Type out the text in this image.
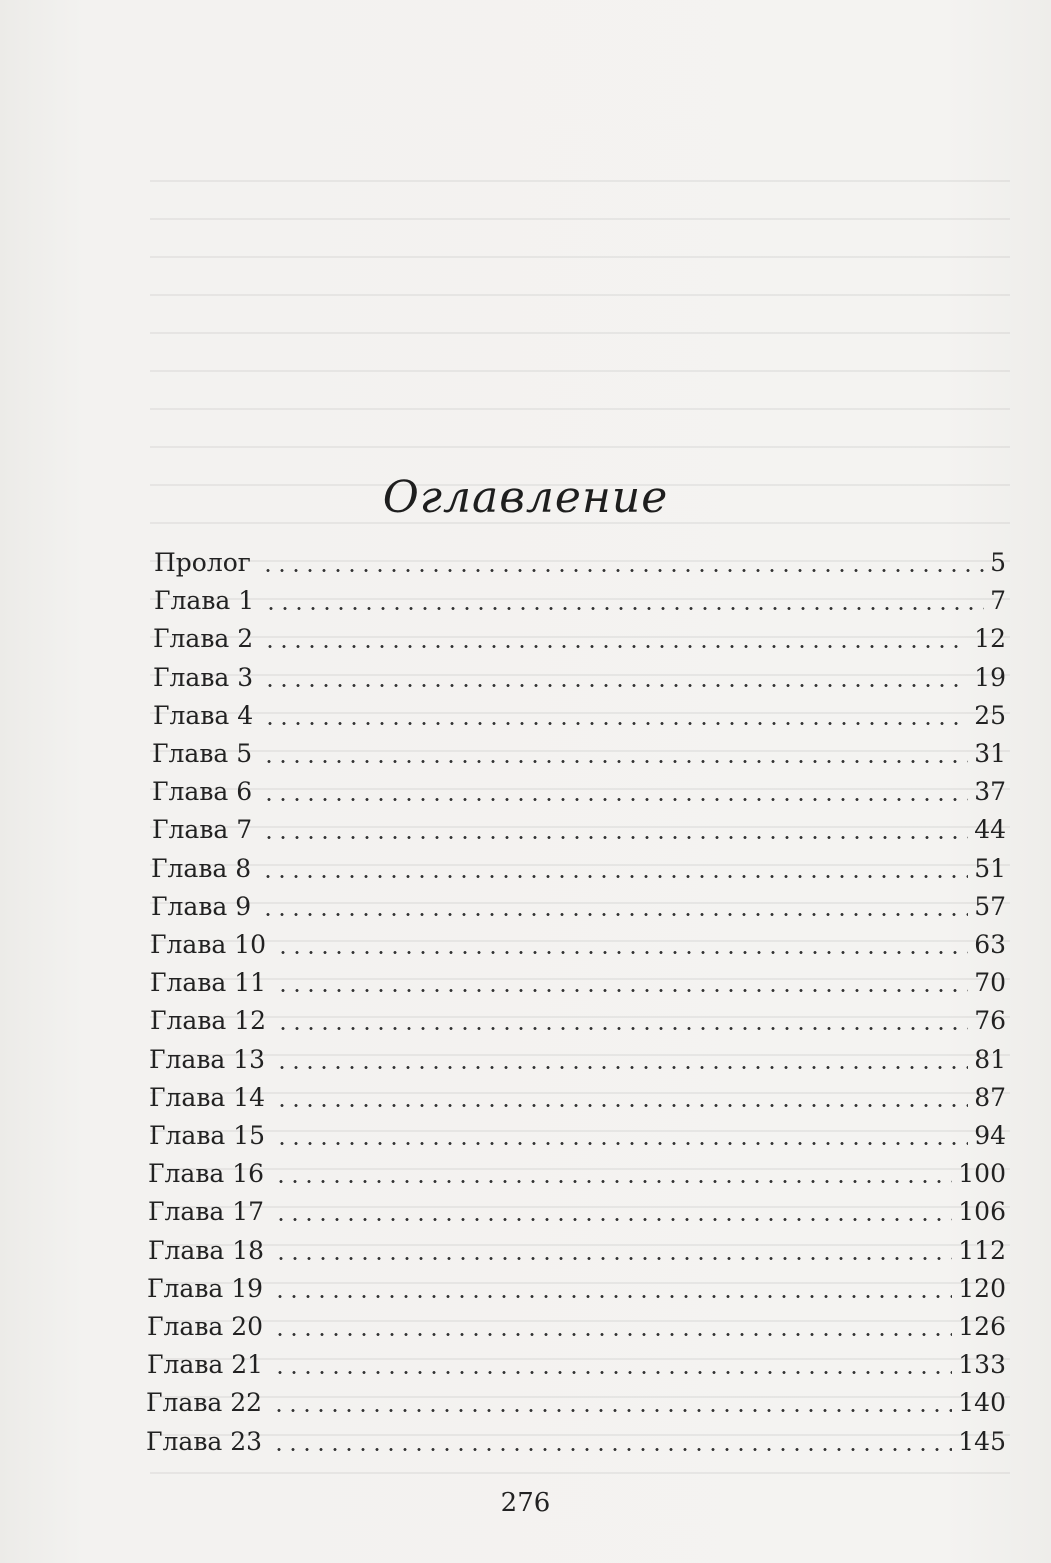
Оглавление
Пролог	5
Глава 1	7
Глава 2	12
Глава 3	19
Глава 4	25
Глава 5	31
Глава 6	37
Глава 7	44
Глава 8	51
Глава 9	57
Глава 10	63
Глава 11	70
Глава 12	76
Глава 13	81
Глава 14	87
Глава 15	94
Глава 16	100
Глава 17	106
Глава 18	112
Глава 19	120
Глава 20	126
Глава 21	133
Глава 22	140
Глава 23	145
276
